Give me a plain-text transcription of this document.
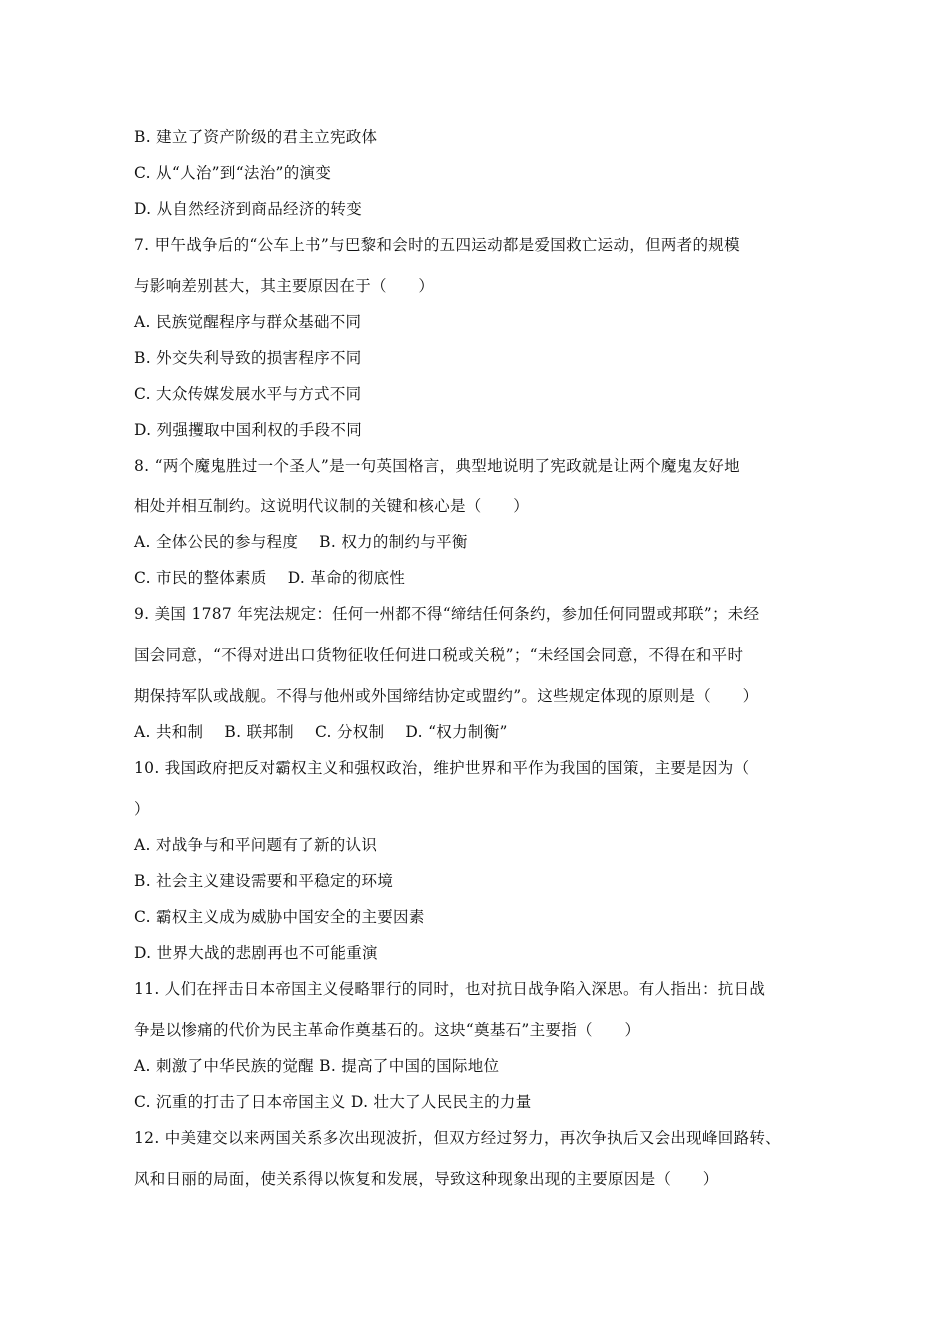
B. 建立了资产阶级的君主立宪政体
C. 从“人治”到“法治”的演变
D. 从自然经济到商品经济的转变
7. 甲午战争后的“公车上书”与巴黎和会时的五四运动都是爱国救亡运动，但两者的规模
与影响差别甚大，其主要原因在于（　　）
A. 民族觉醒程序与群众基础不同
B. 外交失利导致的损害程序不同
C. 大众传媒发展水平与方式不同
D. 列强攫取中国利权的手段不同
8. “两个魔鬼胜过一个圣人”是一句英国格言，典型地说明了宪政就是让两个魔鬼友好地
相处并相互制约。这说明代议制的关键和核心是（　　）
A. 全体公民的参与程度　 B. 权力的制约与平衡
C. 市民的整体素质　 D. 革命的彻底性
9. 美国 1787 年宪法规定：任何一州都不得“缔结任何条约，参加任何同盟或邦联”；未经
国会同意，“不得对进出口货物征收任何进口税或关税”；“未经国会同意，不得在和平时
期保持军队或战舰。不得与他州或外国缔结协定或盟约”。这些规定体现的原则是（　　）
A. 共和制　 B. 联邦制　 C. 分权制　 D. “权力制衡”
10. 我国政府把反对霸权主义和强权政治，维护世界和平作为我国的国策，主要是因为（
）
A. 对战争与和平问题有了新的认识
B. 社会主义建设需要和平稳定的环境
C. 霸权主义成为威胁中国安全的主要因素
D. 世界大战的悲剧再也不可能重演
11. 人们在抨击日本帝国主义侵略罪行的同时，也对抗日战争陷入深思。有人指出：抗日战
争是以惨痛的代价为民主革命作奠基石的。这块“奠基石”主要指（　　）
A. 刺激了中华民族的觉醒 B. 提高了中国的国际地位
C. 沉重的打击了日本帝国主义 D. 壮大了人民民主的力量
12. 中美建交以来两国关系多次出现波折，但双方经过努力，再次争执后又会出现峰回路转、
风和日丽的局面，使关系得以恢复和发展，导致这种现象出现的主要原因是（　　）
